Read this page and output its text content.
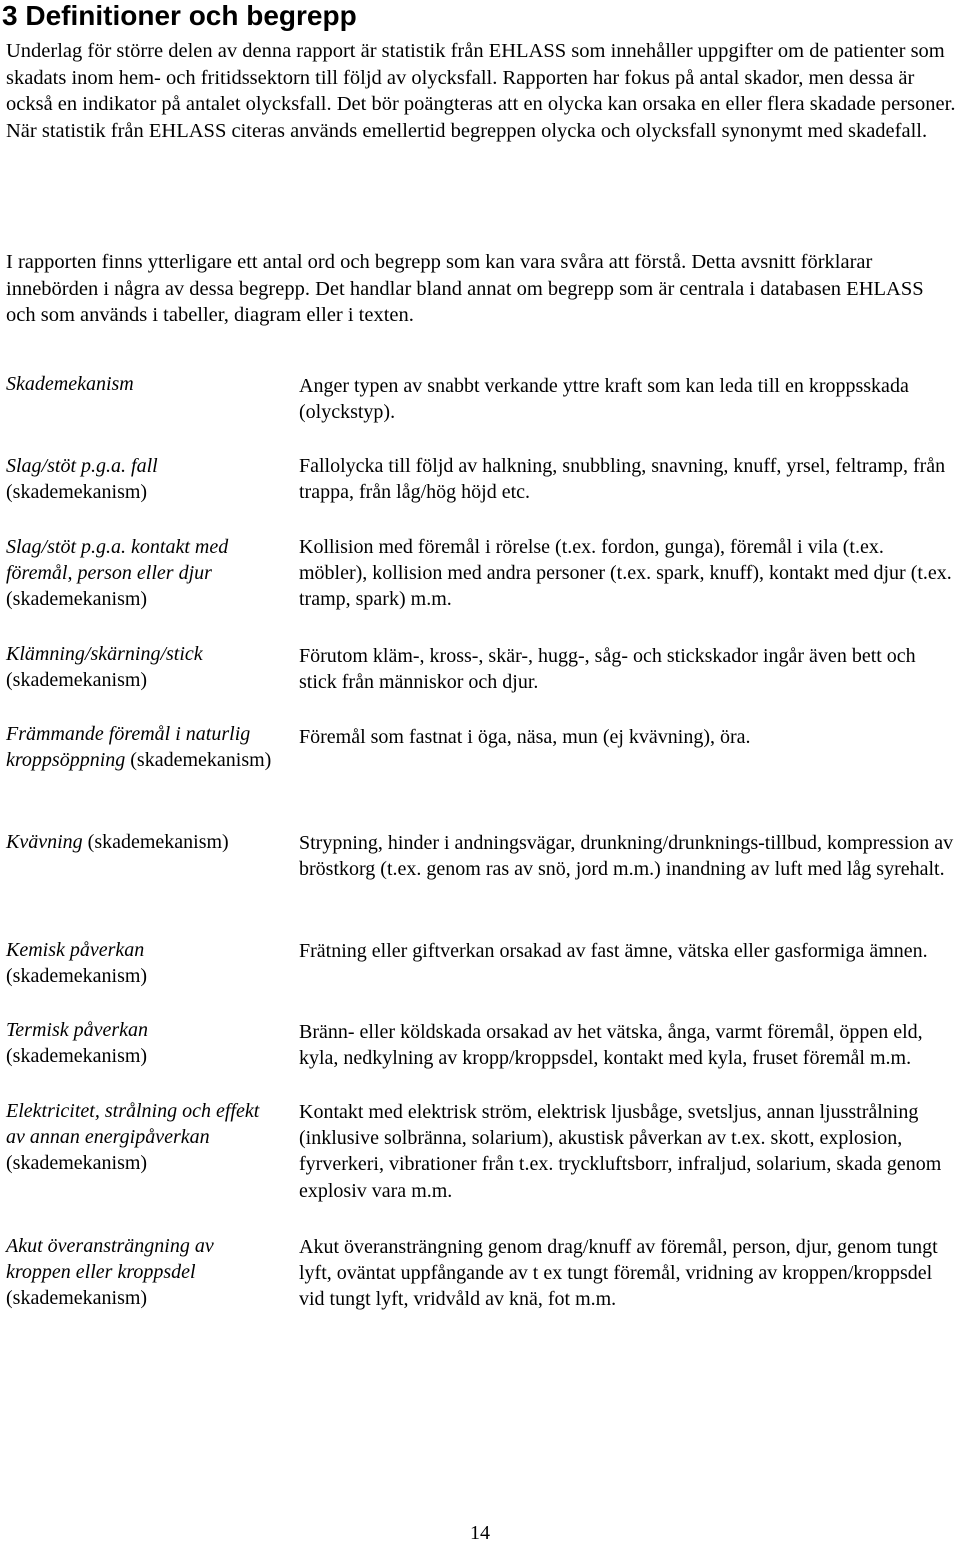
3 Definitioner och begrepp

Underlag för större delen av denna rapport är statistik från EHLASS som innehåller uppgifter om de patienter som skadats inom hem- och fritidssektorn till följd av olycksfall. Rapporten har fokus på antal skador, men dessa är också en indikator på antalet olycksfall. Det bör poängteras att en olycka kan orsaka en eller flera skadade personer. När statistik från EHLASS citeras används emellertid begreppen olycka och olycksfall synonymt med skadefall.

I rapporten finns ytterligare ett antal ord och begrepp som kan vara svåra att förstå. Detta avsnitt förklarar innebörden i några av dessa begrepp. Det handlar bland annat om begrepp som är centrala i databasen EHLASS och som används i tabeller, diagram eller i texten.

Skademekanism	Anger typen av snabbt verkande yttre kraft som kan leda till en kroppsskada (olyckstyp).
Slag/stöt p.g.a. fall (skademekanism)
Fallolycka till följd av halkning, snubbling, snavning, knuff, yrsel, feltramp, från trappa, från låg/hög höjd etc.
Slag/stöt p.g.a. kontakt med föremål, person eller djur (skademekanism)
Kollision med föremål i rörelse (t.ex. fordon, gunga), föremål i vila (t.ex. möbler), kollision med andra personer (t.ex. spark, knuff), kontakt med djur (t.ex. tramp, spark) m.m.
Klämning/skärning/stick (skademekanism)
Förutom kläm-, kross-, skär-, hugg-, såg- och stickskador ingår även bett och stick från människor och djur.
Främmande föremål i naturlig kroppsöppning (skademekanism)
Föremål som fastnat i öga, näsa, mun (ej kvävning), öra.
Kvävning (skademekanism)	Strypning, hinder i andningsvägar, drunkning/drunknings-tillbud, kompression av bröstkorg (t.ex. genom ras av snö, jord m.m.) inandning av luft med låg syrehalt.
Kemisk påverkan (skademekanism)
Frätning eller giftverkan orsakad av fast ämne, vätska eller gasformiga ämnen.
Termisk påverkan (skademekanism)
Bränn- eller köldskada orsakad av het vätska, ånga, varmt föremål, öppen eld, kyla, nedkylning av kropp/kroppsdel, kontakt med kyla, fruset föremål m.m.
Elektricitet, strålning och effekt av annan energipåverkan (skademekanism)
Kontakt med elektrisk ström, elektrisk ljusbåge, svetsljus, annan ljusstrålning (inklusive solbränna, solarium), akustisk påverkan av t.ex. skott, explosion, fyrverkeri, vibrationer från t.ex. tryckluftsborr, infraljud, solarium, skada genom explosiv vara m.m.
Akut överansträngning av kroppen eller kroppsdel (skademekanism)
Akut överansträngning genom drag/knuff av föremål, person, djur, genom tungt lyft, oväntat uppfångande av t ex tungt föremål, vridning av kroppen/kroppsdel vid tungt lyft, vridvåld av knä, fot m.m.
14
